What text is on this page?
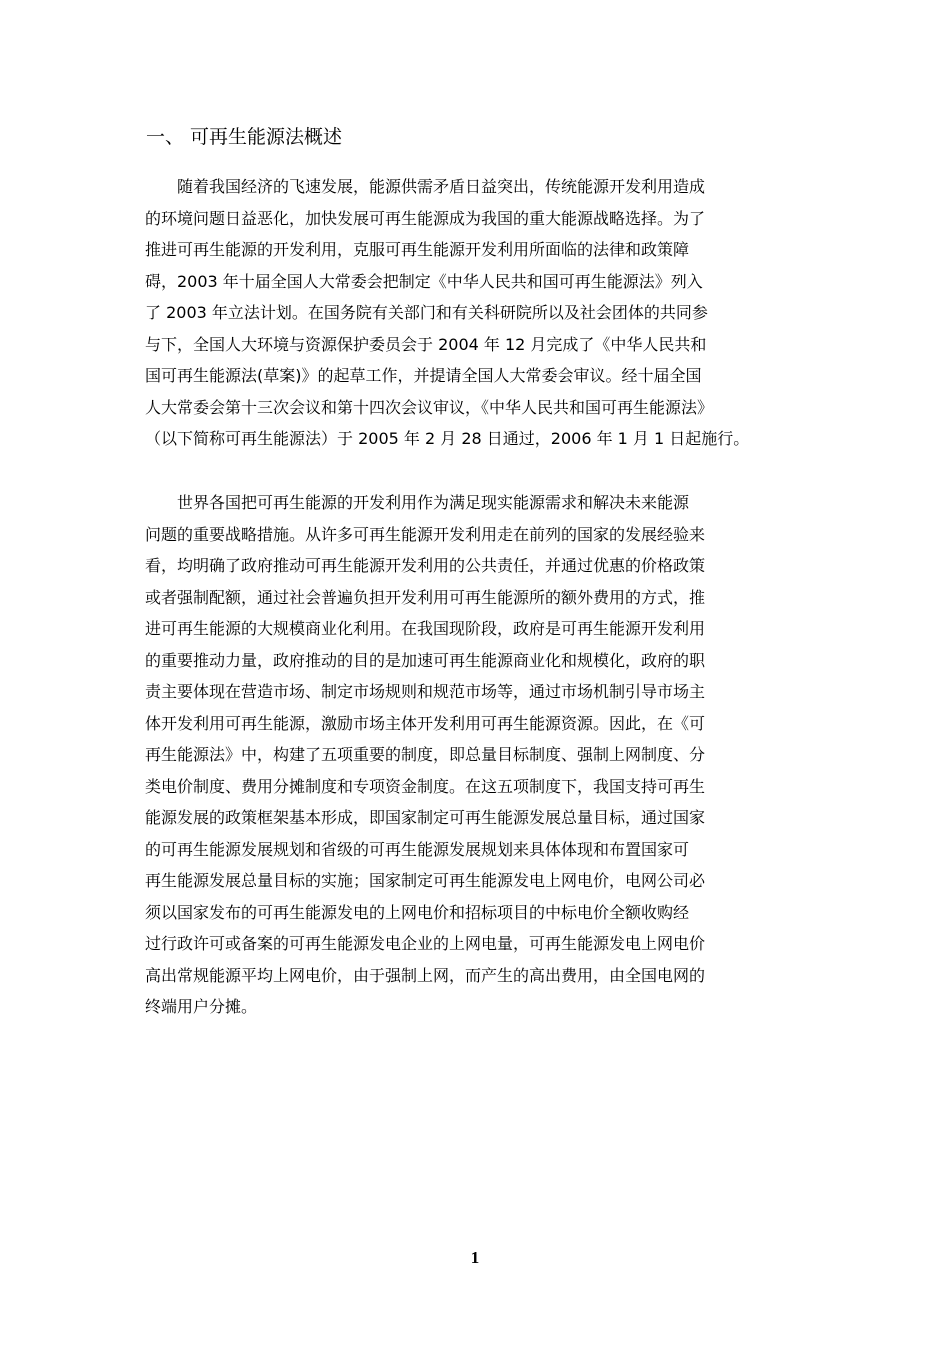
一、 可再生能源法概述
　　随着我国经济的飞速发展，能源供需矛盾日益突出，传统能源开发利用造成
的环境问题日益恶化，加快发展可再生能源成为我国的重大能源战略选择。为了
推进可再生能源的开发利用，克服可再生能源开发利用所面临的法律和政策障
碍，2003 年十届全国人大常委会把制定《中华人民共和国可再生能源法》列入
了 2003 年立法计划。在国务院有关部门和有关科研院所以及社会团体的共同参
与下，全国人大环境与资源保护委员会于 2004 年 12 月完成了《中华人民共和
国可再生能源法(草案)》的起草工作，并提请全国人大常委会审议。经十届全国
人大常委会第十三次会议和第十四次会议审议，《中华人民共和国可再生能源法》
（以下简称可再生能源法）于 2005 年 2 月 28 日通过，2006 年 1 月 1 日起施行。
　　世界各国把可再生能源的开发利用作为满足现实能源需求和解决未来能源
问题的重要战略措施。从许多可再生能源开发利用走在前列的国家的发展经验来
看，均明确了政府推动可再生能源开发利用的公共责任，并通过优惠的价格政策
或者强制配额，通过社会普遍负担开发利用可再生能源所的额外费用的方式，推
进可再生能源的大规模商业化利用。在我国现阶段，政府是可再生能源开发利用
的重要推动力量，政府推动的目的是加速可再生能源商业化和规模化，政府的职
责主要体现在营造市场、制定市场规则和规范市场等，通过市场机制引导市场主
体开发利用可再生能源，激励市场主体开发利用可再生能源资源。因此，在《可
再生能源法》中，构建了五项重要的制度，即总量目标制度、强制上网制度、分
类电价制度、费用分摊制度和专项资金制度。在这五项制度下，我国支持可再生
能源发展的政策框架基本形成，即国家制定可再生能源发展总量目标，通过国家
的可再生能源发展规划和省级的可再生能源发展规划来具体体现和布置国家可
再生能源发展总量目标的实施；国家制定可再生能源发电上网电价，电网公司必
须以国家发布的可再生能源发电的上网电价和招标项目的中标电价全额收购经
过行政许可或备案的可再生能源发电企业的上网电量，可再生能源发电上网电价
高出常规能源平均上网电价，由于强制上网，而产生的高出费用，由全国电网的
终端用户分摊。
1
